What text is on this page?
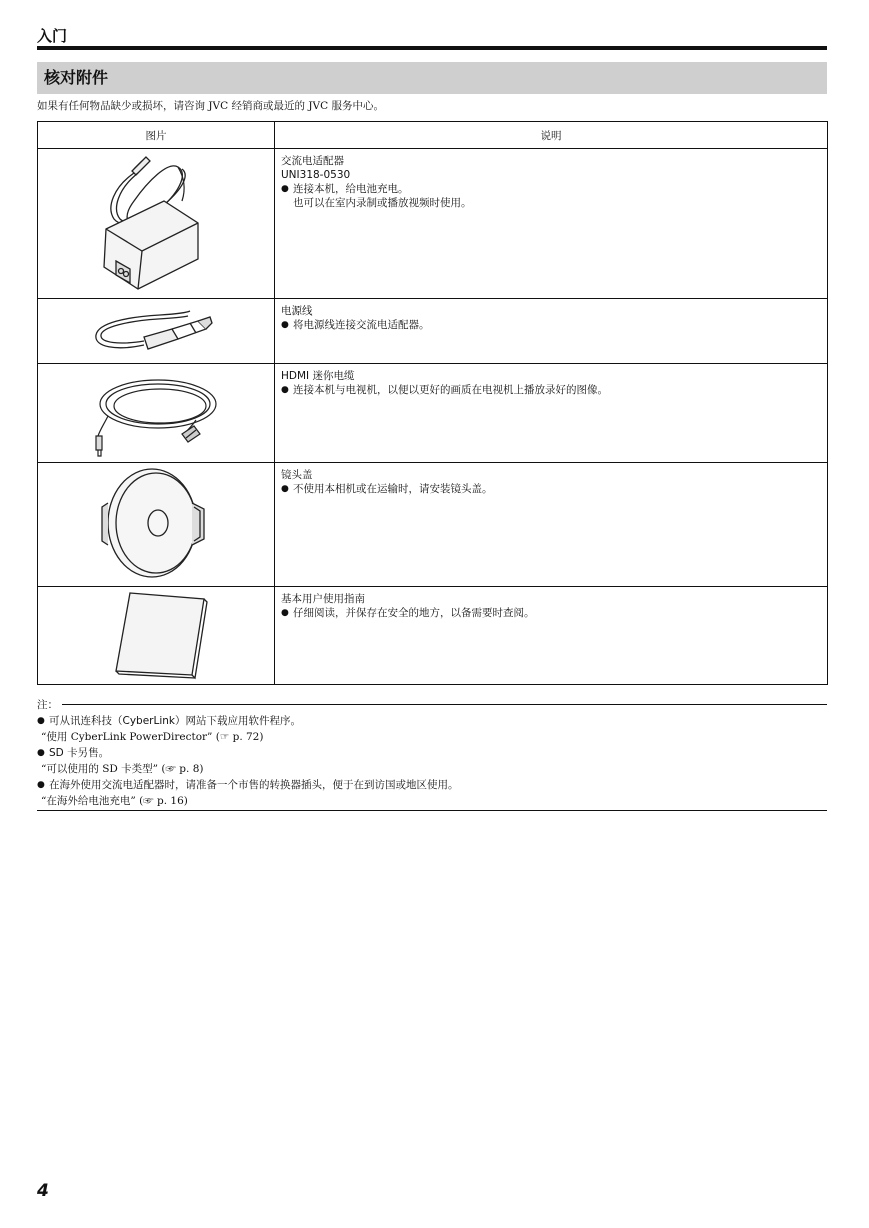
入门
核对附件
如果有任何物品缺少或损坏，请咨询 JVC 经销商或最近的 JVC 服务中心。
图片	说明

交流电适配器
UNI318-0530
● 连接本机，给电池充电。
也可以在室内录制或播放视频时使用。

电源线
● 将电源线连接交流电适配器。

HDMI 迷你电缆
● 连接本机与电视机，以便以更好的画质在电视机上播放录好的图像。

镜头盖
● 不使用本相机或在运输时，请安装镜头盖。

基本用户使用指南
● 仔细阅读，并保存在安全的地方，以备需要时查阅。
注：
● 可从讯连科技（CyberLink）网站下载应用软件程序。
“使用 CyberLink PowerDirector” (☞ p. 72)
● SD 卡另售。
“可以使用的 SD 卡类型” (☞ p. 8)
● 在海外使用交流电适配器时，请准备一个市售的转换器插头，便于在到访国或地区使用。
“在海外给电池充电” (☞ p. 16)
4
